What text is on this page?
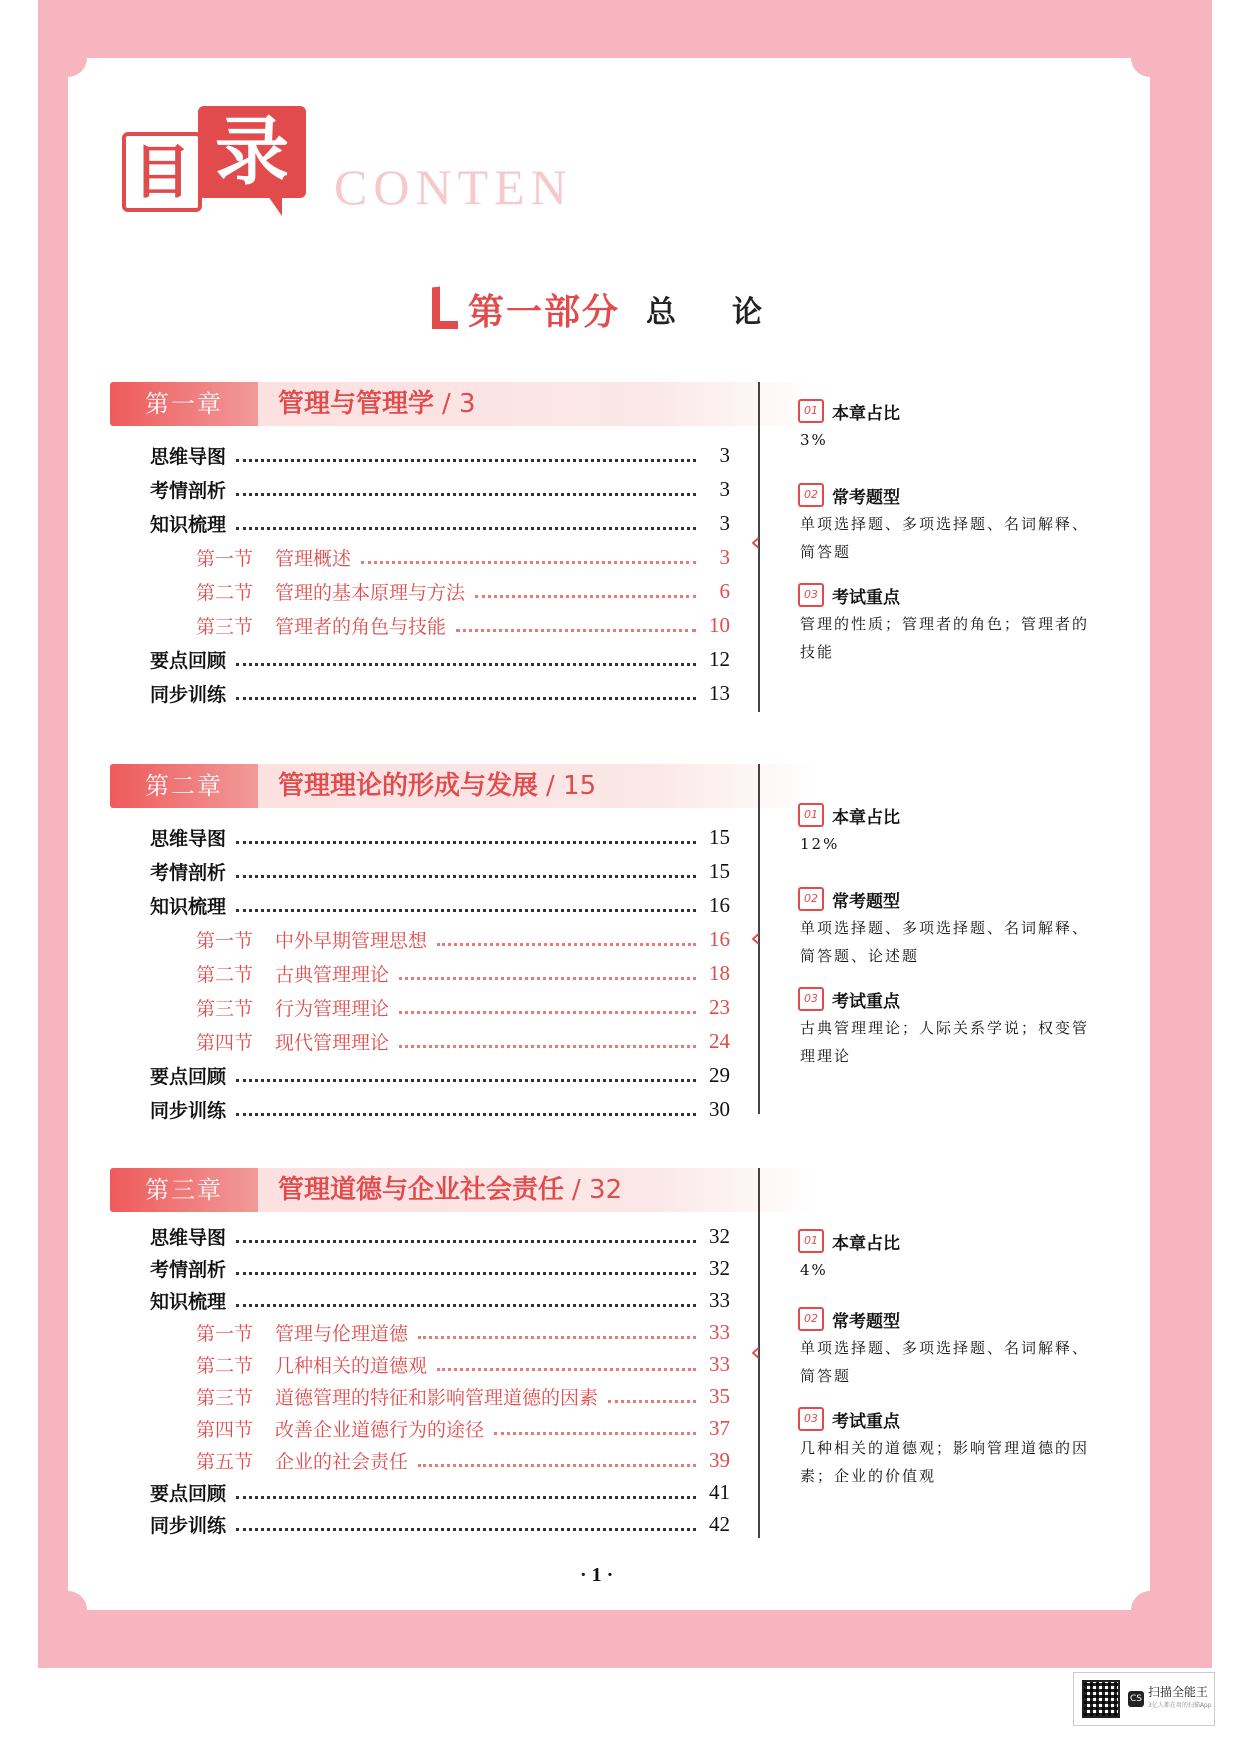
目 录 CONTEN
第一部分 总论
第一章	管理与管理学 / 3
思维导图	3
考情剖析	3
知识梳理	3
第一节 管理概述	3
第二节 管理的基本原理与方法	6
第三节 管理者的角色与技能	10
要点回顾	12
同步训练	13
‹
01 本章占比
3%
02 常考题型
单项选择题、多项选择题、名词解释、简答题
03 考试重点
管理的性质；管理者的角色；管理者的技能
第二章	管理理论的形成与发展 / 15
思维导图	15
考情剖析	15
知识梳理	16
第一节 中外早期管理思想	16
第二节 古典管理理论	18
第三节 行为管理理论	23
第四节 现代管理理论	24
要点回顾	29
同步训练	30
‹
01 本章占比
12%
02 常考题型
单项选择题、多项选择题、名词解释、简答题、论述题
03 考试重点
古典管理理论；人际关系学说；权变管理理论
第三章	管理道德与企业社会责任 / 32
思维导图	32
考情剖析	32
知识梳理	33
第一节 管理与伦理道德	33
第二节 几种相关的道德观	33
第三节 道德管理的特征和影响管理道德的因素	35
第四节 改善企业道德行为的途径	37
第五节 企业的社会责任	39
要点回顾	41
同步训练	42
‹
01 本章占比
4%
02 常考题型
单项选择题、多项选择题、名词解释、简答题
03 考试重点
几种相关的道德观；影响管理道德的因素；企业的价值观
· 1 ·
CS 扫描全能王
3亿人都在用的扫描App
